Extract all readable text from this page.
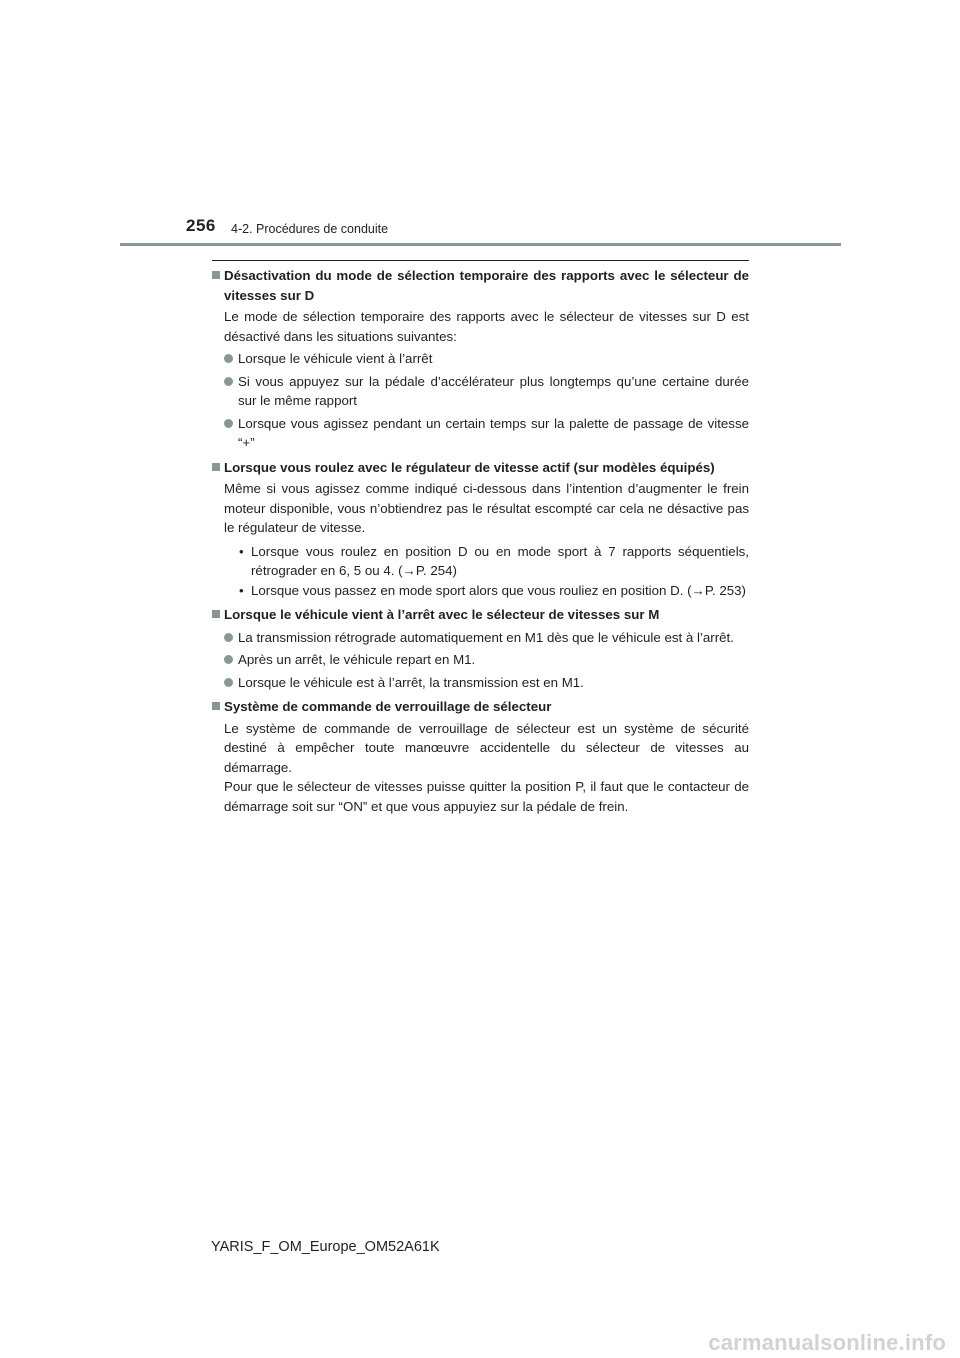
256 4-2. Procédures de conduite
Désactivation du mode de sélection temporaire des rapports avec le sélecteur de vitesses sur D
Le mode de sélection temporaire des rapports avec le sélecteur de vitesses sur D est désactivé dans les situations suivantes:
Lorsque le véhicule vient à l’arrêt
Si vous appuyez sur la pédale d’accélérateur plus longtemps qu’une certaine durée sur le même rapport
Lorsque vous agissez pendant un certain temps sur la palette de passage de vitesse “+”
Lorsque vous roulez avec le régulateur de vitesse actif (sur modèles équipés)
Même si vous agissez comme indiqué ci-dessous dans l’intention d’augmenter le frein moteur disponible, vous n’obtiendrez pas le résultat escompté car cela ne désactive pas le régulateur de vitesse.
• Lorsque vous roulez en position D ou en mode sport à 7 rapports séquentiels, rétrograder en 6, 5 ou 4. (→P. 254)
• Lorsque vous passez en mode sport alors que vous rouliez en position D. (→P. 253)
Lorsque le véhicule vient à l’arrêt avec le sélecteur de vitesses sur M
La transmission rétrograde automatiquement en M1 dès que le véhicule est à l’arrêt.
Après un arrêt, le véhicule repart en M1.
Lorsque le véhicule est à l’arrêt, la transmission est en M1.
Système de commande de verrouillage de sélecteur
Le système de commande de verrouillage de sélecteur est un système de sécurité destiné à empêcher toute manœuvre accidentelle du sélecteur de vitesses au démarrage.
Pour que le sélecteur de vitesses puisse quitter la position P, il faut que le contacteur de démarrage soit sur “ON” et que vous appuyiez sur la pédale de frein.
YARIS_F_OM_Europe_OM52A61K
carmanualsonline.info
